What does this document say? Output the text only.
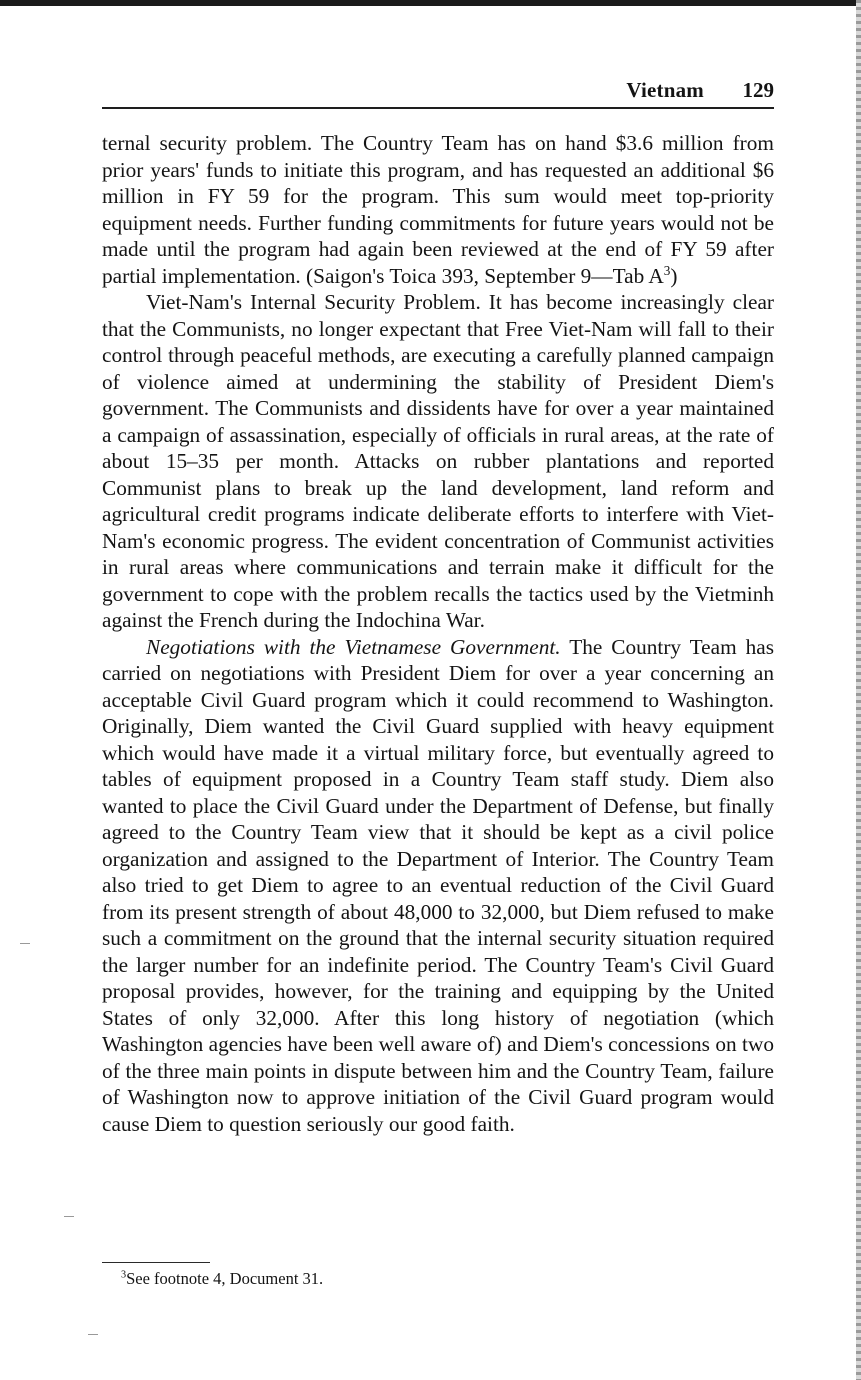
Vietnam 129

ternal security problem. The Country Team has on hand $3.6 million from prior years' funds to initiate this program, and has requested an additional $6 million in FY 59 for the program. This sum would meet top-priority equipment needs. Further funding commitments for future years would not be made until the program had again been reviewed at the end of FY 59 after partial implementation. (Saigon's Toica 393, September 9—Tab $A^3$)

Viet-Nam's Internal Security Problem. It has become increasingly clear that the Communists, no longer expectant that Free Viet-Nam will fall to their control through peaceful methods, are executing a carefully planned campaign of violence aimed at undermining the stability of President Diem's government. The Communists and dissidents have for over a year maintained a campaign of assassination, especially of officials in rural areas, at the rate of about 15–35 per month. Attacks on rubber plantations and reported Communist plans to break up the land development, land reform and agricultural credit programs indicate deliberate efforts to interfere with Viet-Nam's economic progress. The evident concentration of Communist activities in rural areas where communications and terrain make it difficult for the government to cope with the problem recalls the tactics used by the Vietminh against the French during the Indochina War.

Negotiations with the Vietnamese Government. The Country Team has carried on negotiations with President Diem for over a year concerning an acceptable Civil Guard program which it could recommend to Washington. Originally, Diem wanted the Civil Guard supplied with heavy equipment which would have made it a virtual military force, but eventually agreed to tables of equipment proposed in a Country Team staff study. Diem also wanted to place the Civil Guard under the Department of Defense, but finally agreed to the Country Team view that it should be kept as a civil police organization and assigned to the Department of Interior. The Country Team also tried to get Diem to agree to an eventual reduction of the Civil Guard from its present strength of about 48,000 to 32,000, but Diem refused to make such a commitment on the ground that the internal security situation required the larger number for an indefinite period. The Country Team's Civil Guard proposal provides, however, for the training and equipping by the United States of only 32,000. After this long history of negotiation (which Washington agencies have been well aware of) and Diem's concessions on two of the three main points in dispute between him and the Country Team, failure of Washington now to approve initiation of the Civil Guard program would cause Diem to question seriously our good faith.

$^3$See footnote 4, Document 31.
